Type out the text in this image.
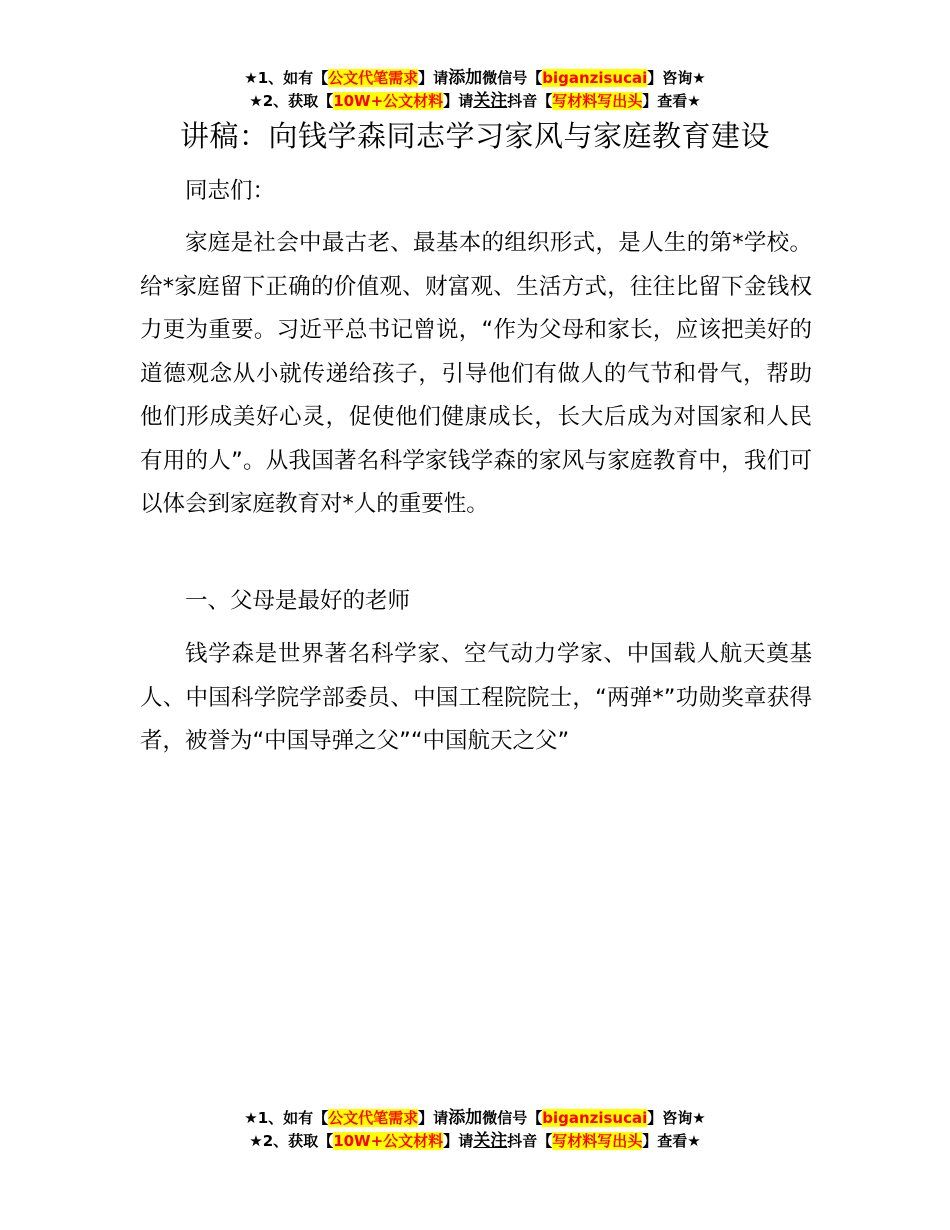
★1、如有【公文代笔需求】请添加微信号【biganzisucai】咨询★
★2、获取【10W+公文材料】请关注抖音【写材料写出头】查看★
讲稿：向钱学森同志学习家风与家庭教育建设

同志们：

家庭是社会中最古老、最基本的组织形式，是人生的第*学校。给*家庭留下正确的价值观、财富观、生活方式，往往比留下金钱权力更为重要。习近平总书记曾说，“作为父母和家长，应该把美好的道德观念从小就传递给孩子，引导他们有做人的气节和骨气，帮助他们形成美好心灵，促使他们健康成长，长大后成为对国家和人民有用的人”。从我国著名科学家钱学森的家风与家庭教育中，我们可以体会到家庭教育对*人的重要性。

一、父母是最好的老师

钱学森是世界著名科学家、空气动力学家、中国载人航天奠基人、中国科学院学部委员、中国工程院院士，“两弹*”功勋奖章获得者，被誉为“中国导弹之父”“中国航天之父”

★1、如有【公文代笔需求】请添加微信号【biganzisucai】咨询★
★2、获取【10W+公文材料】请关注抖音【写材料写出头】查看★
